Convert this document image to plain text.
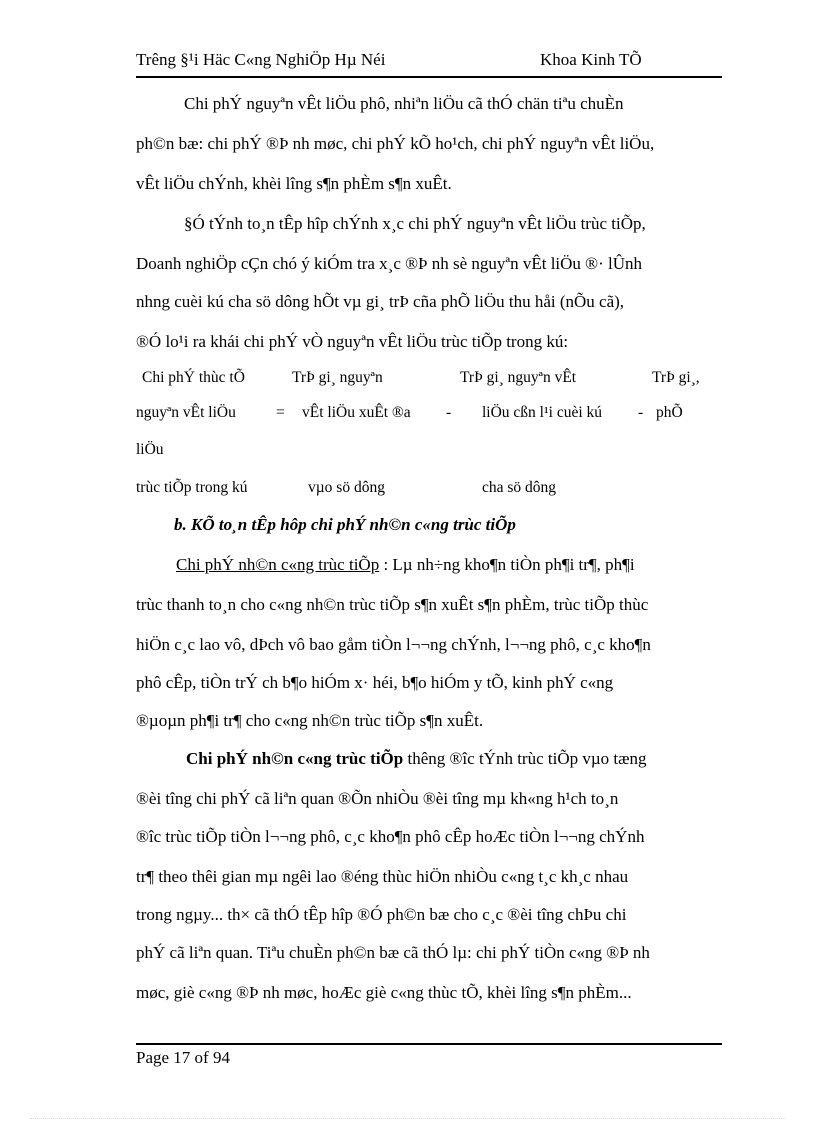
Trêng §¹i Häc C«ng NghiÖp Hµ Néi	Khoa Kinh TÕ
Chi phÝ nguyªn vÊt liÖu phô, nhiªn liÖu cã thÓ chän tiªu chuÈn
ph©n bæ: chi phÝ ®Þ nh møc, chi phÝ kÕ ho¹ch, chi phÝ nguyªn vÊt liÖu,
vÊt liÖu chÝnh, khèi lîng s¶n phÈm s¶n xuÊt.
§Ó tÝnh to¸n tÊp hîp chÝnh x¸c chi phÝ nguyªn vÊt liÖu trùc tiÕp,
Doanh nghiÖp cÇn chó ý kiÓm tra x¸c ®Þ nh sè nguyªn vÊt liÖu ®· lÛnh
nhng cuèi kú cha sö dông hÕt vµ gi¸ trÞ cña phÕ liÖu thu håi (nÕu cã),
®Ó lo¹i ra khái chi phÝ vÒ nguyªn vÊt liÖu trùc tiÕp trong kú:
Chi phÝ thùc tÕ	TrÞ gi¸ nguyªn	TrÞ gi¸ nguyªn vÊt	TrÞ gi¸,
nguyªn vÊt liÖu	= vÊt liÖu xuÊt ®a - liÖu cßn l¹i cuèi kú - phÕ
liÖu
trùc tiÕp trong kú	vµo sö dông	cha sö dông
b. KÕ to¸n tÊp hôp chi phÝ nh©n c«ng trùc tiÕp
Chi phÝ nh©n c«ng trùc tiÕp : Lµ nh÷ng kho¶n tiÒn ph¶i tr¶, ph¶i
trùc thanh to¸n cho c«ng nh©n trùc tiÕp s¶n xuÊt s¶n phÈm, trùc tiÕp thùc
hiÖn c¸c lao vô, dÞch vô bao gåm tiÒn l¬¬ng chÝnh, l¬¬ng phô, c¸c kho¶n
phô cÊp, tiÒn trÝ ch b¶o hiÓm x· héi, b¶o hiÓm y tÕ, kinh phÝ c«ng
®µoµn ph¶i tr¶ cho c«ng nh©n trùc tiÕp s¶n xuÊt.
Chi phÝ nh©n c«ng trùc tiÕp thêng ®îc tÝnh trùc tiÕp vµo tæng
®èi tîng chi phÝ cã liªn quan ®Õn nhiÒu ®èi tîng mµ kh«ng h¹ch to¸n
®îc trùc tiÕp tiÒn l¬¬ng phô, c¸c kho¶n phô cÊp hoÆc tiÒn l¬¬ng chÝnh
tr¶ theo thêi gian mµ ngêi lao ®éng thùc hiÖn nhiÒu c«ng t¸c kh¸c nhau
trong ngµy... th× cã thÓ tÊp hîp ®Ó ph©n bæ cho c¸c ®èi tîng chÞu chi
phÝ cã liªn quan. Tiªu chuÈn ph©n bæ cã thÓ lµ: chi phÝ tiÒn c«ng ®Þ nh
møc, giè c«ng ®Þ nh møc, hoÆc giè c«ng thùc tÕ, khèi lîng s¶n phÈm...
Page 17 of 94
